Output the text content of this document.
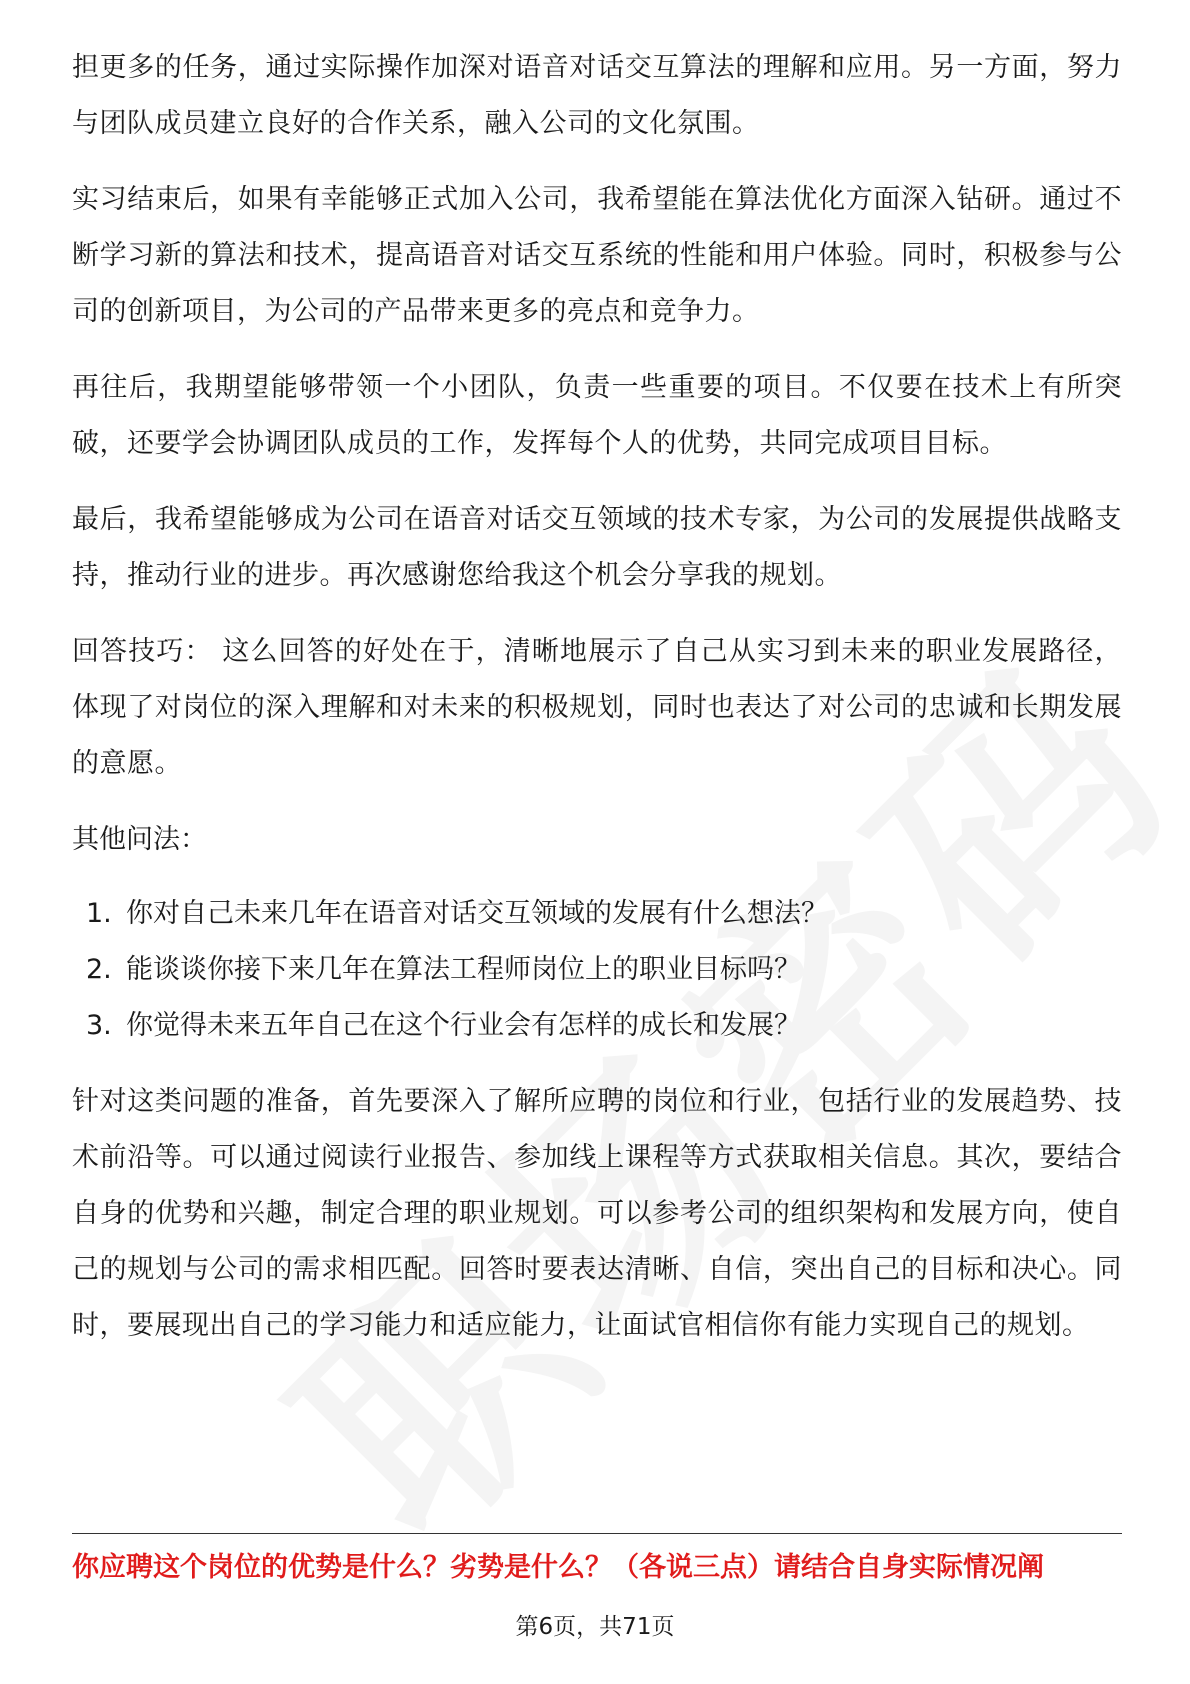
担更多的任务，通过实际操作加深对语音对话交互算法的理解和应用。另一方面，努力与团队成员建立良好的合作关系，融入公司的文化氛围。

实习结束后，如果有幸能够正式加入公司，我希望能在算法优化方面深入钻研。通过不断学习新的算法和技术，提高语音对话交互系统的性能和用户体验。同时，积极参与公司的创新项目，为公司的产品带来更多的亮点和竞争力。

再往后，我期望能够带领一个小团队，负责一些重要的项目。不仅要在技术上有所突破，还要学会协调团队成员的工作，发挥每个人的优势，共同完成项目目标。

最后，我希望能够成为公司在语音对话交互领域的技术专家，为公司的发展提供战略支持，推动行业的进步。再次感谢您给我这个机会分享我的规划。

回答技巧： 这么回答的好处在于，清晰地展示了自己从实习到未来的职业发展路径，体现了对岗位的深入理解和对未来的积极规划，同时也表达了对公司的忠诚和长期发展的意愿。

其他问法：

1. 你对自己未来几年在语音对话交互领域的发展有什么想法？
2. 能谈谈你接下来几年在算法工程师岗位上的职业目标吗？
3. 你觉得未来五年自己在这个行业会有怎样的成长和发展？

针对这类问题的准备，首先要深入了解所应聘的岗位和行业，包括行业的发展趋势、技术前沿等。可以通过阅读行业报告、参加线上课程等方式获取相关信息。其次，要结合自身的优势和兴趣，制定合理的职业规划。可以参考公司的组织架构和发展方向，使自己的规划与公司的需求相匹配。回答时要表达清晰、自信，突出自己的目标和决心。同时，要展现出自己的学习能力和适应能力，让面试官相信你有能力实现自己的规划。

你应聘这个岗位的优势是什么？劣势是什么？（各说三点）请结合自身实际情况阐
第6页，共71页
